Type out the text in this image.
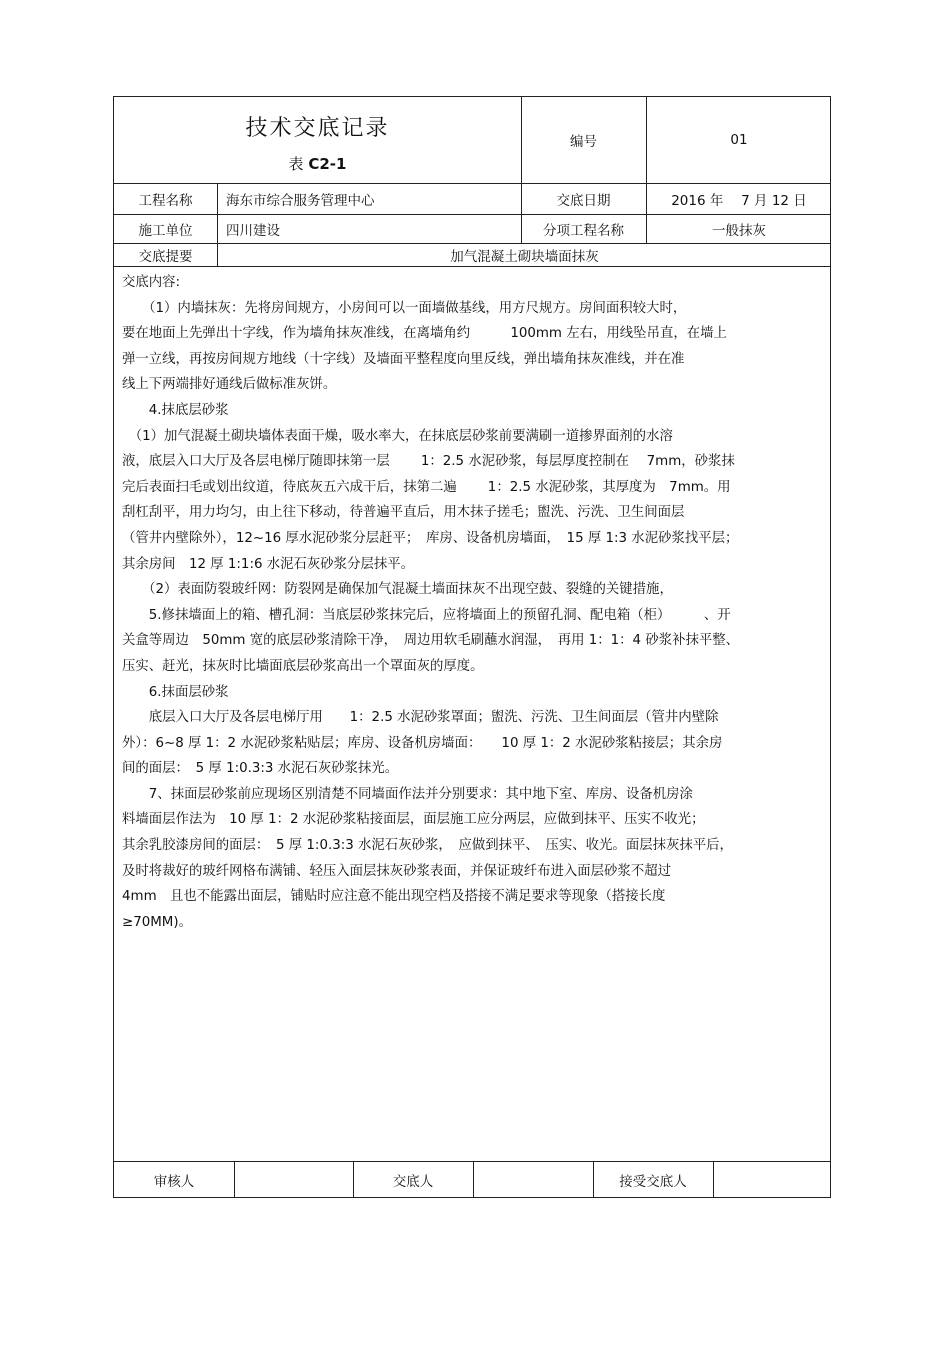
技术交底记录
表 C2-1
编号	01
工程名称	海东市综合服务管理中心	交底日期	2016 年　 7 月 12 日
施工单位	四川建设	分项工程名称	一般抹灰
交底提要	加气混凝土砌块墙面抹灰

交底内容:

　　（1）内墙抹灰：先将房间规方，小房间可以一面墙做基线，用方尺规方。房间面积较大时，

要在地面上先弹出十字线，作为墙角抹灰准线，在离墙角约　　　100mm 左右，用线坠吊直，在墙上

弹一立线，再按房间规方地线（十字线）及墙面平整程度向里反线，弹出墙角抹灰准线，并在准

线上下两端排好通线后做标准灰饼。

　　4.抹底层砂浆

　（1）加气混凝土砌块墙体表面干燥，吸水率大，在抹底层砂浆前要满刷一道掺界面剂的水溶

液，底层入口大厅及各层电梯厅随即抹第一层　　 1：2.5 水泥砂浆，每层厚度控制在　 7mm，砂浆抹

完后表面扫毛或划出纹道，待底灰五六成干后，抹第二遍　　 1：2.5 水泥砂浆，其厚度为　7mm。用

刮杠刮平，用力均匀，由上往下移动，待普遍平直后，用木抹子搓毛；盥洗、污洗、卫生间面层

（管井内壁除外），12~16 厚水泥砂浆分层赶平；　库房、设备机房墙面，　15 厚 1:3 水泥砂浆找平层；

其余房间　12 厚 1:1:6 水泥石灰砂浆分层抹平。

　　（2）表面防裂玻纤网：防裂网是确保加气混凝土墙面抹灰不出现空鼓、裂缝的关键措施，

　　5.修抹墙面上的箱、槽孔洞：当底层砂浆抹完后，应将墙面上的预留孔洞、配电箱（柜）　　　、开

关盒等周边　50mm 宽的底层砂浆清除干净，　周边用软毛刷蘸水润湿，　再用 1：1：4 砂浆补抹平整、

压实、赶光，抹灰时比墙面底层砂浆高出一个罩面灰的厚度。

　　6.抹面层砂浆

　　底层入口大厅及各层电梯厅用　　1：2.5 水泥砂浆罩面；盥洗、污洗、卫生间面层（管井内壁除

外）：6~8 厚 1：2 水泥砂浆粘贴层；库房、设备机房墙面：　　10 厚 1：2 水泥砂浆粘接层；其余房

间的面层：　5 厚 1:0.3:3 水泥石灰砂浆抹光。

　　7、抹面层砂浆前应现场区别清楚不同墙面作法并分别要求：其中地下室、库房、设备机房涂

料墙面层作法为　10 厚 1：2 水泥砂浆粘接面层，面层施工应分两层，应做到抹平、压实不收光；

其余乳胶漆房间的面层：　5 厚 1:0.3:3 水泥石灰砂浆，　应做到抹平、　压实、收光。面层抹灰抹平后，

及时将裁好的玻纤网格布满铺、轻压入面层抹灰砂浆表面，并保证玻纤布进入面层砂浆不超过

4mm　且也不能露出面层，铺贴时应注意不能出现空档及搭接不满足要求等现象（搭接长度

≥70MM)。

审核人	交底人	接受交底人
